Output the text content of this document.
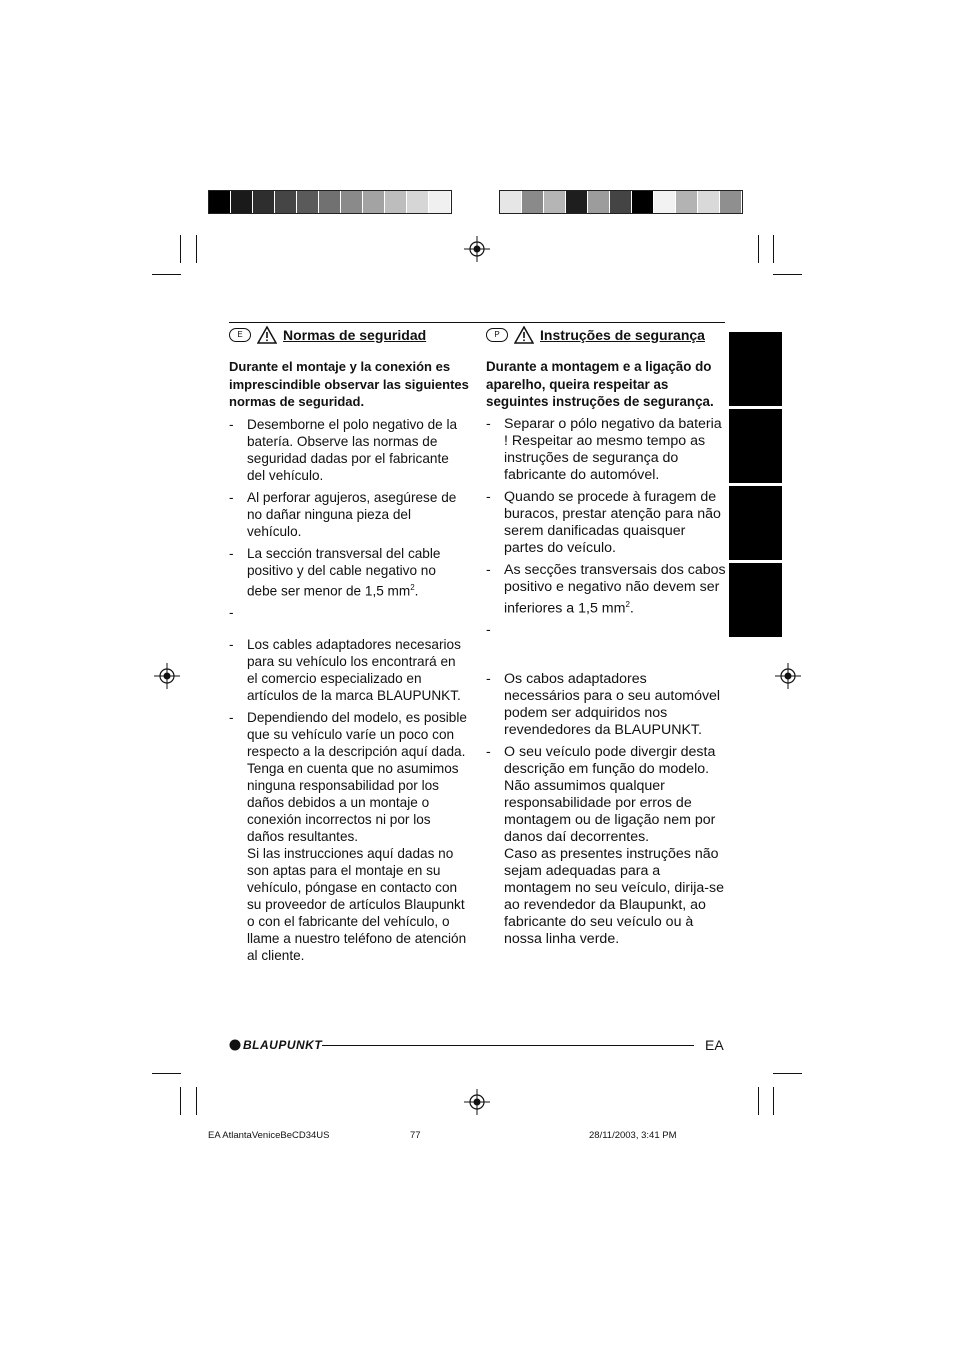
E	Normas de seguridad
Durante el montaje y la conexión es imprescindible observar las siguientes normas de seguridad.
- Desemborne el polo negativo de la batería. Observe las normas de seguridad dadas por el fabricante del vehículo.
- Al perforar agujeros, asegúrese de no dañar ninguna pieza del vehículo.
- La sección transversal del cable positivo y del cable negativo no debe ser menor de 1,5 $mm^2$.
-
- Los cables adaptadores necesarios para su vehículo los encontrará en el comercio especializado en artículos de la marca BLAUPUNKT.
- Dependiendo del modelo, es posible que su vehículo varíe un poco con respecto a la descripción aquí dada. Tenga en cuenta que no asumimos ninguna responsabilidad por los daños debidos a un montaje o conexión incorrectos ni por los daños resultantes.
Si las instrucciones aquí dadas no son aptas para el montaje en su vehículo, póngase en contacto con su proveedor de artículos Blaupunkt o con el fabricante del vehículo, o llame a nuestro teléfono de atención al cliente.
P	Instruções de segurança
Durante a montagem e a ligação do aparelho, queira respeitar as seguintes instruções de segurança.
- Separar o pólo negativo da bateria ! Respeitar ao mesmo tempo as instruções de segurança do fabricante do automóvel.
- Quando se procede à furagem de buracos, prestar atenção para não serem danificadas quaisquer partes do veículo.
- As secções transversais dos cabos positivo e negativo não devem ser inferiores a 1,5 $mm^2$.
-
- Os cabos adaptadores necessários para o seu automóvel podem ser adquiridos nos revendedores da BLAUPUNKT.
- O seu veículo pode divergir desta descrição em função do modelo. Não assumimos qualquer responsabilidade por erros de montagem ou de ligação nem por danos daí decorrentes.
Caso as presentes instruções não sejam adequadas para a montagem no seu veículo, dirija-se ao revendedor da Blaupunkt, ao fabricante do seu veículo ou à nossa linha verde.
BLAUPUNKT	EA
EA AtlantaVeniceBeCD34US	77	28/11/2003, 3:41 PM
